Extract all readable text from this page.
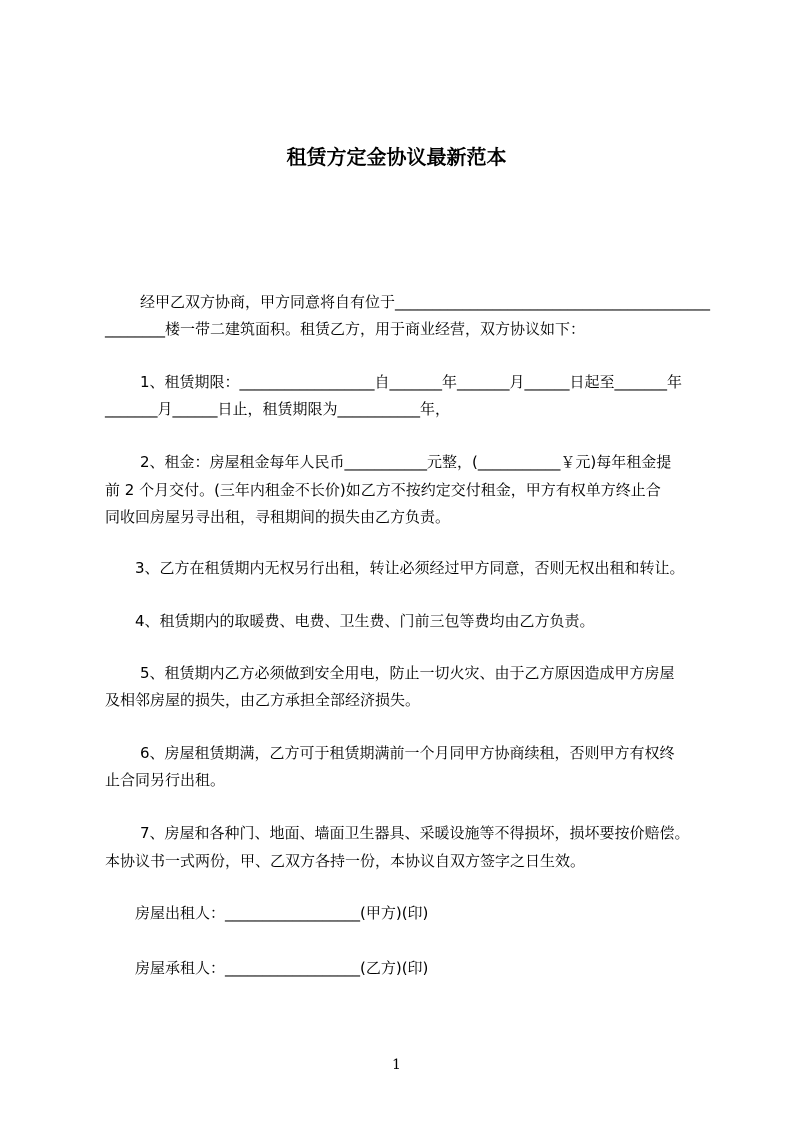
租赁方定金协议最新范本
经甲乙双方协商，甲方同意将自有位于__________________________________________
________楼一带二建筑面积。租赁乙方，用于商业经营，双方协议如下：
1、租赁期限：__________________自_______年_______月______日起至_______年
_______月______日止，租赁期限为___________年，
2、租金：房屋租金每年人民币___________元整，(___________￥元)每年租金提
前 2 个月交付。(三年内租金不长价)如乙方不按约定交付租金，甲方有权单方终止合
同收回房屋另寻出租，寻租期间的损失由乙方负责。
3、乙方在租赁期内无权另行出租，转让必须经过甲方同意，否则无权出租和转让。
4、租赁期内的取暖费、电费、卫生费、门前三包等费均由乙方负责。
5、租赁期内乙方必须做到安全用电，防止一切火灾、由于乙方原因造成甲方房屋
及相邻房屋的损失，由乙方承担全部经济损失。
6、房屋租赁期满，乙方可于租赁期满前一个月同甲方协商续租，否则甲方有权终
止合同另行出租。
7、房屋和各种门、地面、墙面卫生器具、采暖设施等不得损坏，损坏要按价赔偿。
本协议书一式两份，甲、乙双方各持一份，本协议自双方签字之日生效。
房屋出租人：__________________(甲方)(印)
房屋承租人：__________________(乙方)(印)
1
